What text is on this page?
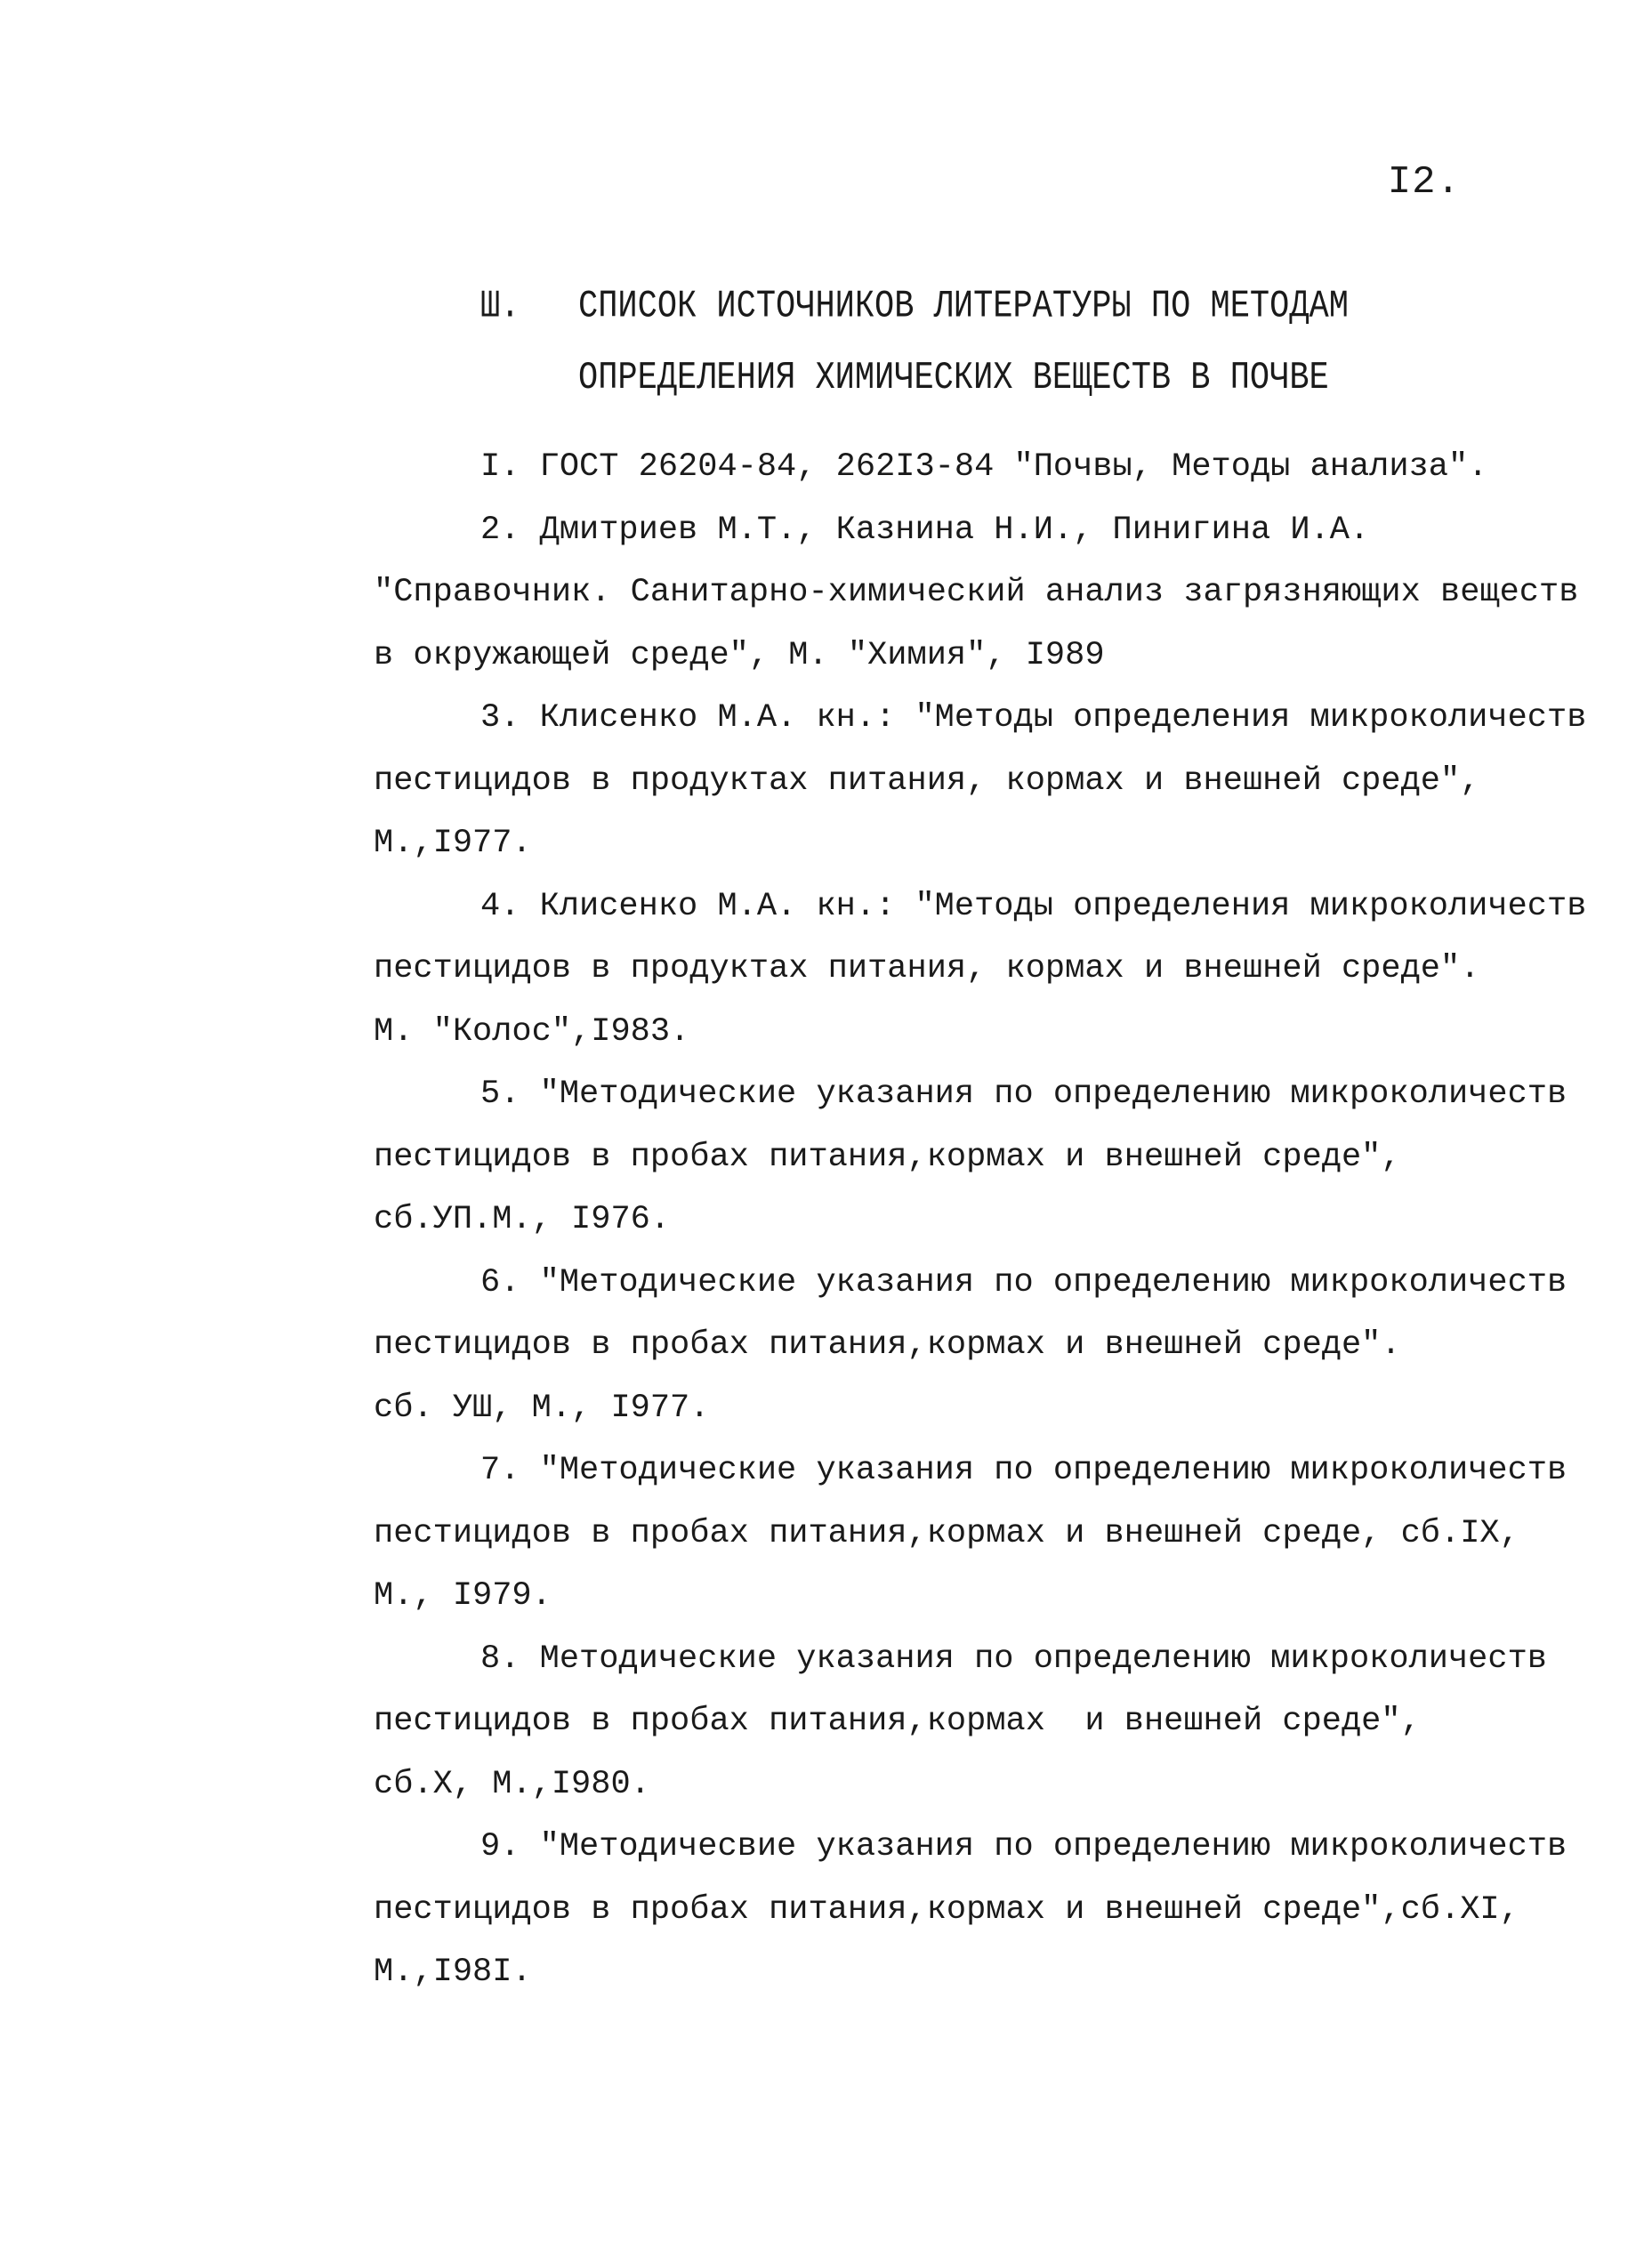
I2.
Ш.	СПИСОК ИСТОЧНИКОВ ЛИТЕРАТУРЫ ПО МЕТОДАМ
ОПРЕДЕЛЕНИЯ ХИМИЧЕСКИХ ВЕЩЕСТВ В ПОЧВЕ
I. ГОСТ 26204-84, 262I3-84 "Почвы, Методы анализа".
2. Дмитриев М.Т., Казнина Н.И., Пинигина И.А.
"Справочник. Санитарно-химический анализ загрязняющих веществ
в окружающей среде", М. "Химия", I989
3. Клисенко М.А. кн.: "Методы определения микроколичеств
пестицидов в продуктах питания, кормах и внешней среде",
М.,I977.
4. Клисенко М.А. кн.: "Методы определения микроколичеств
пестицидов в продуктах питания, кормах и внешней среде".
М. "Колос",I983.
5. "Методические указания по определению микроколичеств
пестицидов в пробах питания,кормах и внешней среде",
сб.УП.М., I976.
6. "Методические указания по определению микроколичеств
пестицидов в пробах питания,кормах и внешней среде".
сб. УШ, М., I977.
7. "Методические указания по определению микроколичеств
пестицидов в пробах питания,кормах и внешней среде, сб.IX,
М., I979.
8. Методические указания по определению микроколичеств
пестицидов в пробах питания,кормах  и внешней среде",
сб.Х, М.,I980.
9. "Методичесвие указания по определению микроколичеств
пестицидов в пробах питания,кормах и внешней среде",сб.XI,
М.,I98I.
